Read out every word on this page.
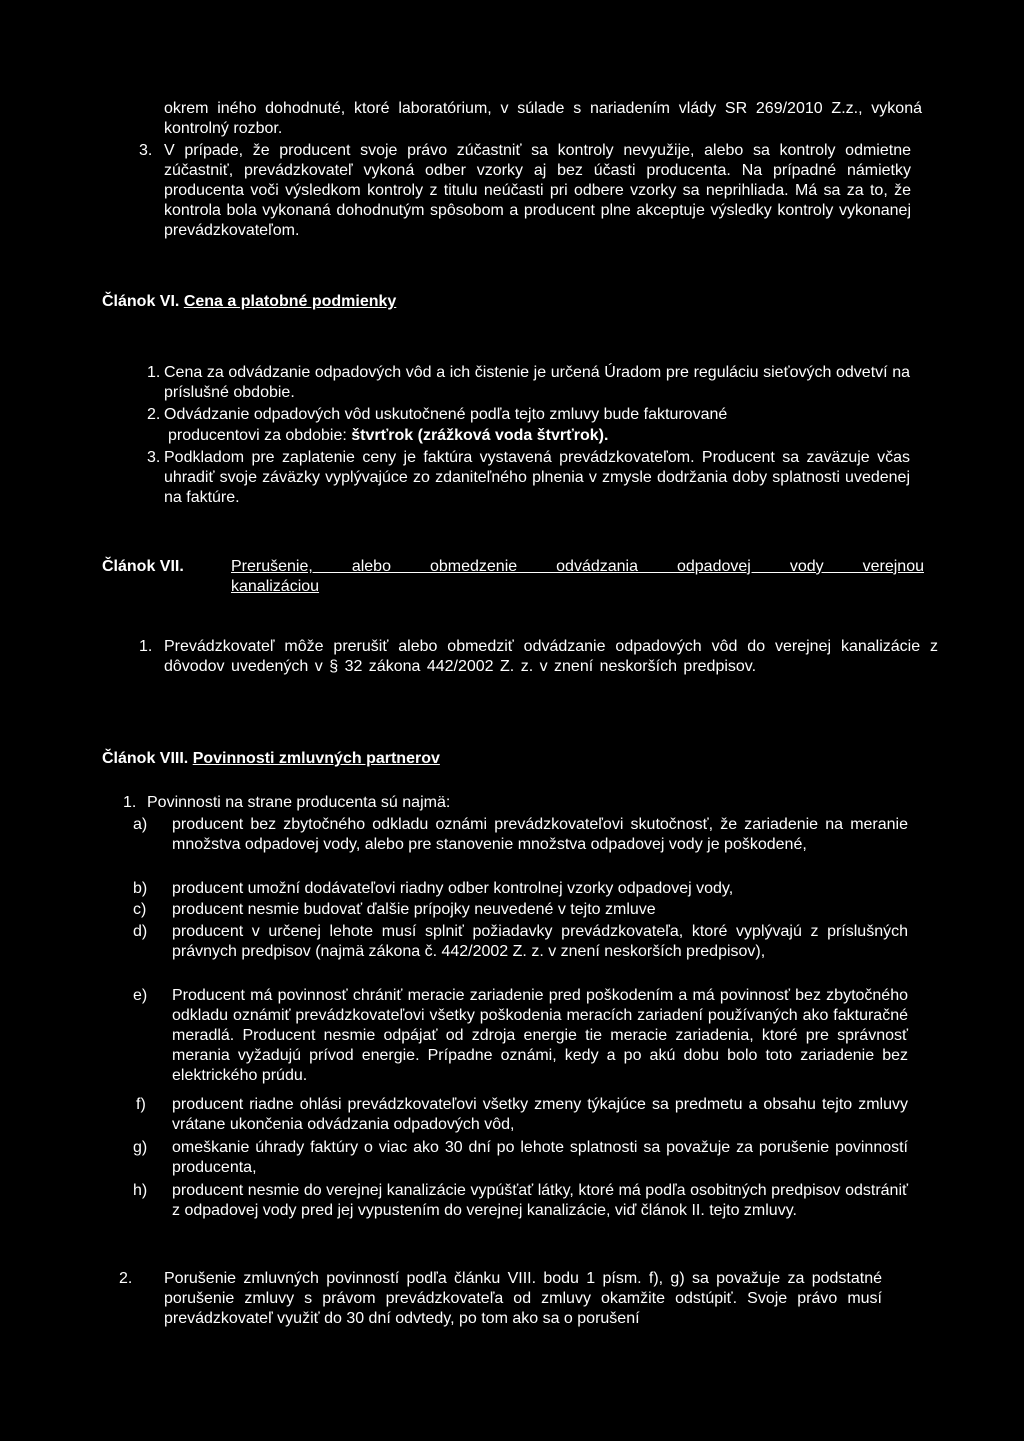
okrem iného dohodnuté, ktoré laboratórium, v súlade s nariadením vlády SR 269/2010 Z.z., vykoná kontrolný rozbor.
3. V prípade, že producent svoje právo zúčastniť sa kontroly nevyužije, alebo sa kontroly odmietne zúčastniť, prevádzkovateľ vykoná odber vzorky aj bez účasti producenta. Na prípadné námietky producenta voči výsledkom kontroly z titulu neúčasti pri odbere vzorky sa neprihliada. Má sa za to, že kontrola bola vykonaná dohodnutým spôsobom a producent plne akceptuje výsledky kontroly vykonanej prevádzkovateľom.
Článok VI. Cena a platobné podmienky
1. Cena za odvádzanie odpadových vôd a ich čistenie je určená Úradom pre reguláciu sieťových odvetví na príslušné obdobie.
2. Odvádzanie odpadových vôd uskutočnené podľa tejto zmluvy bude fakturované
producentovi za obdobie: štvrťrok (zrážková voda štvrťrok).
3. Podkladom pre zaplatenie ceny je faktúra vystavená prevádzkovateľom. Producent sa zaväzuje včas uhradiť svoje záväzky vyplývajúce zo zdaniteľného plnenia v zmysle dodržania doby splatnosti uvedenej na faktúre.
Článok VII.	Prerušenie, alebo obmedzenie odvádzania odpadovej vody verejnou kanalizáciou
1. Prevádzkovateľ môže prerušiť alebo obmedziť odvádzanie odpadových vôd do verejnej kanalizácie z dôvodov uvedených v § 32 zákona 442/2002 Z. z. v znení neskorších predpisov.
Článok VIII. Povinnosti zmluvných partnerov
1. Povinnosti na strane producenta sú najmä:
a) producent bez zbytočného odkladu oznámi prevádzkovateľovi skutočnosť, že zariadenie na meranie množstva odpadovej vody, alebo pre stanovenie množstva odpadovej vody je poškodené,
b) producent umožní dodávateľovi riadny odber kontrolnej vzorky odpadovej vody,
c) producent nesmie budovať ďalšie prípojky neuvedené v tejto zmluve
d) producent v určenej lehote musí splniť požiadavky prevádzkovateľa, ktoré vyplývajú z príslušných právnych predpisov (najmä zákona č. 442/2002 Z. z. v znení neskorších predpisov),
e) Producent má povinnosť chrániť meracie zariadenie pred poškodením a má povinnosť bez zbytočného odkladu oznámiť prevádzkovateľovi všetky poškodenia meracích zariadení používaných ako fakturačné meradlá. Producent nesmie odpájať od zdroja energie tie meracie zariadenia, ktoré pre správnosť merania vyžadujú prívod energie. Prípadne oznámi, kedy a po akú dobu bolo toto zariadenie bez elektrického prúdu.
f) producent riadne ohlási prevádzkovateľovi všetky zmeny týkajúce sa predmetu a obsahu tejto zmluvy vrátane ukončenia odvádzania odpadových vôd,
g) omeškanie úhrady faktúry o viac ako 30 dní po lehote splatnosti sa považuje za porušenie povinností producenta,
h) producent nesmie do verejnej kanalizácie vypúšťať látky, ktoré má podľa osobitných predpisov odstrániť z odpadovej vody pred jej vypustením do verejnej kanalizácie, viď článok II. tejto zmluvy.
2. Porušenie zmluvných povinností podľa článku VIII. bodu 1 písm. f), g) sa považuje za podstatné porušenie zmluvy s právom prevádzkovateľa od zmluvy okamžite odstúpiť. Svoje právo musí prevádzkovateľ využiť do 30 dní odvtedy, po tom ako sa o porušení
